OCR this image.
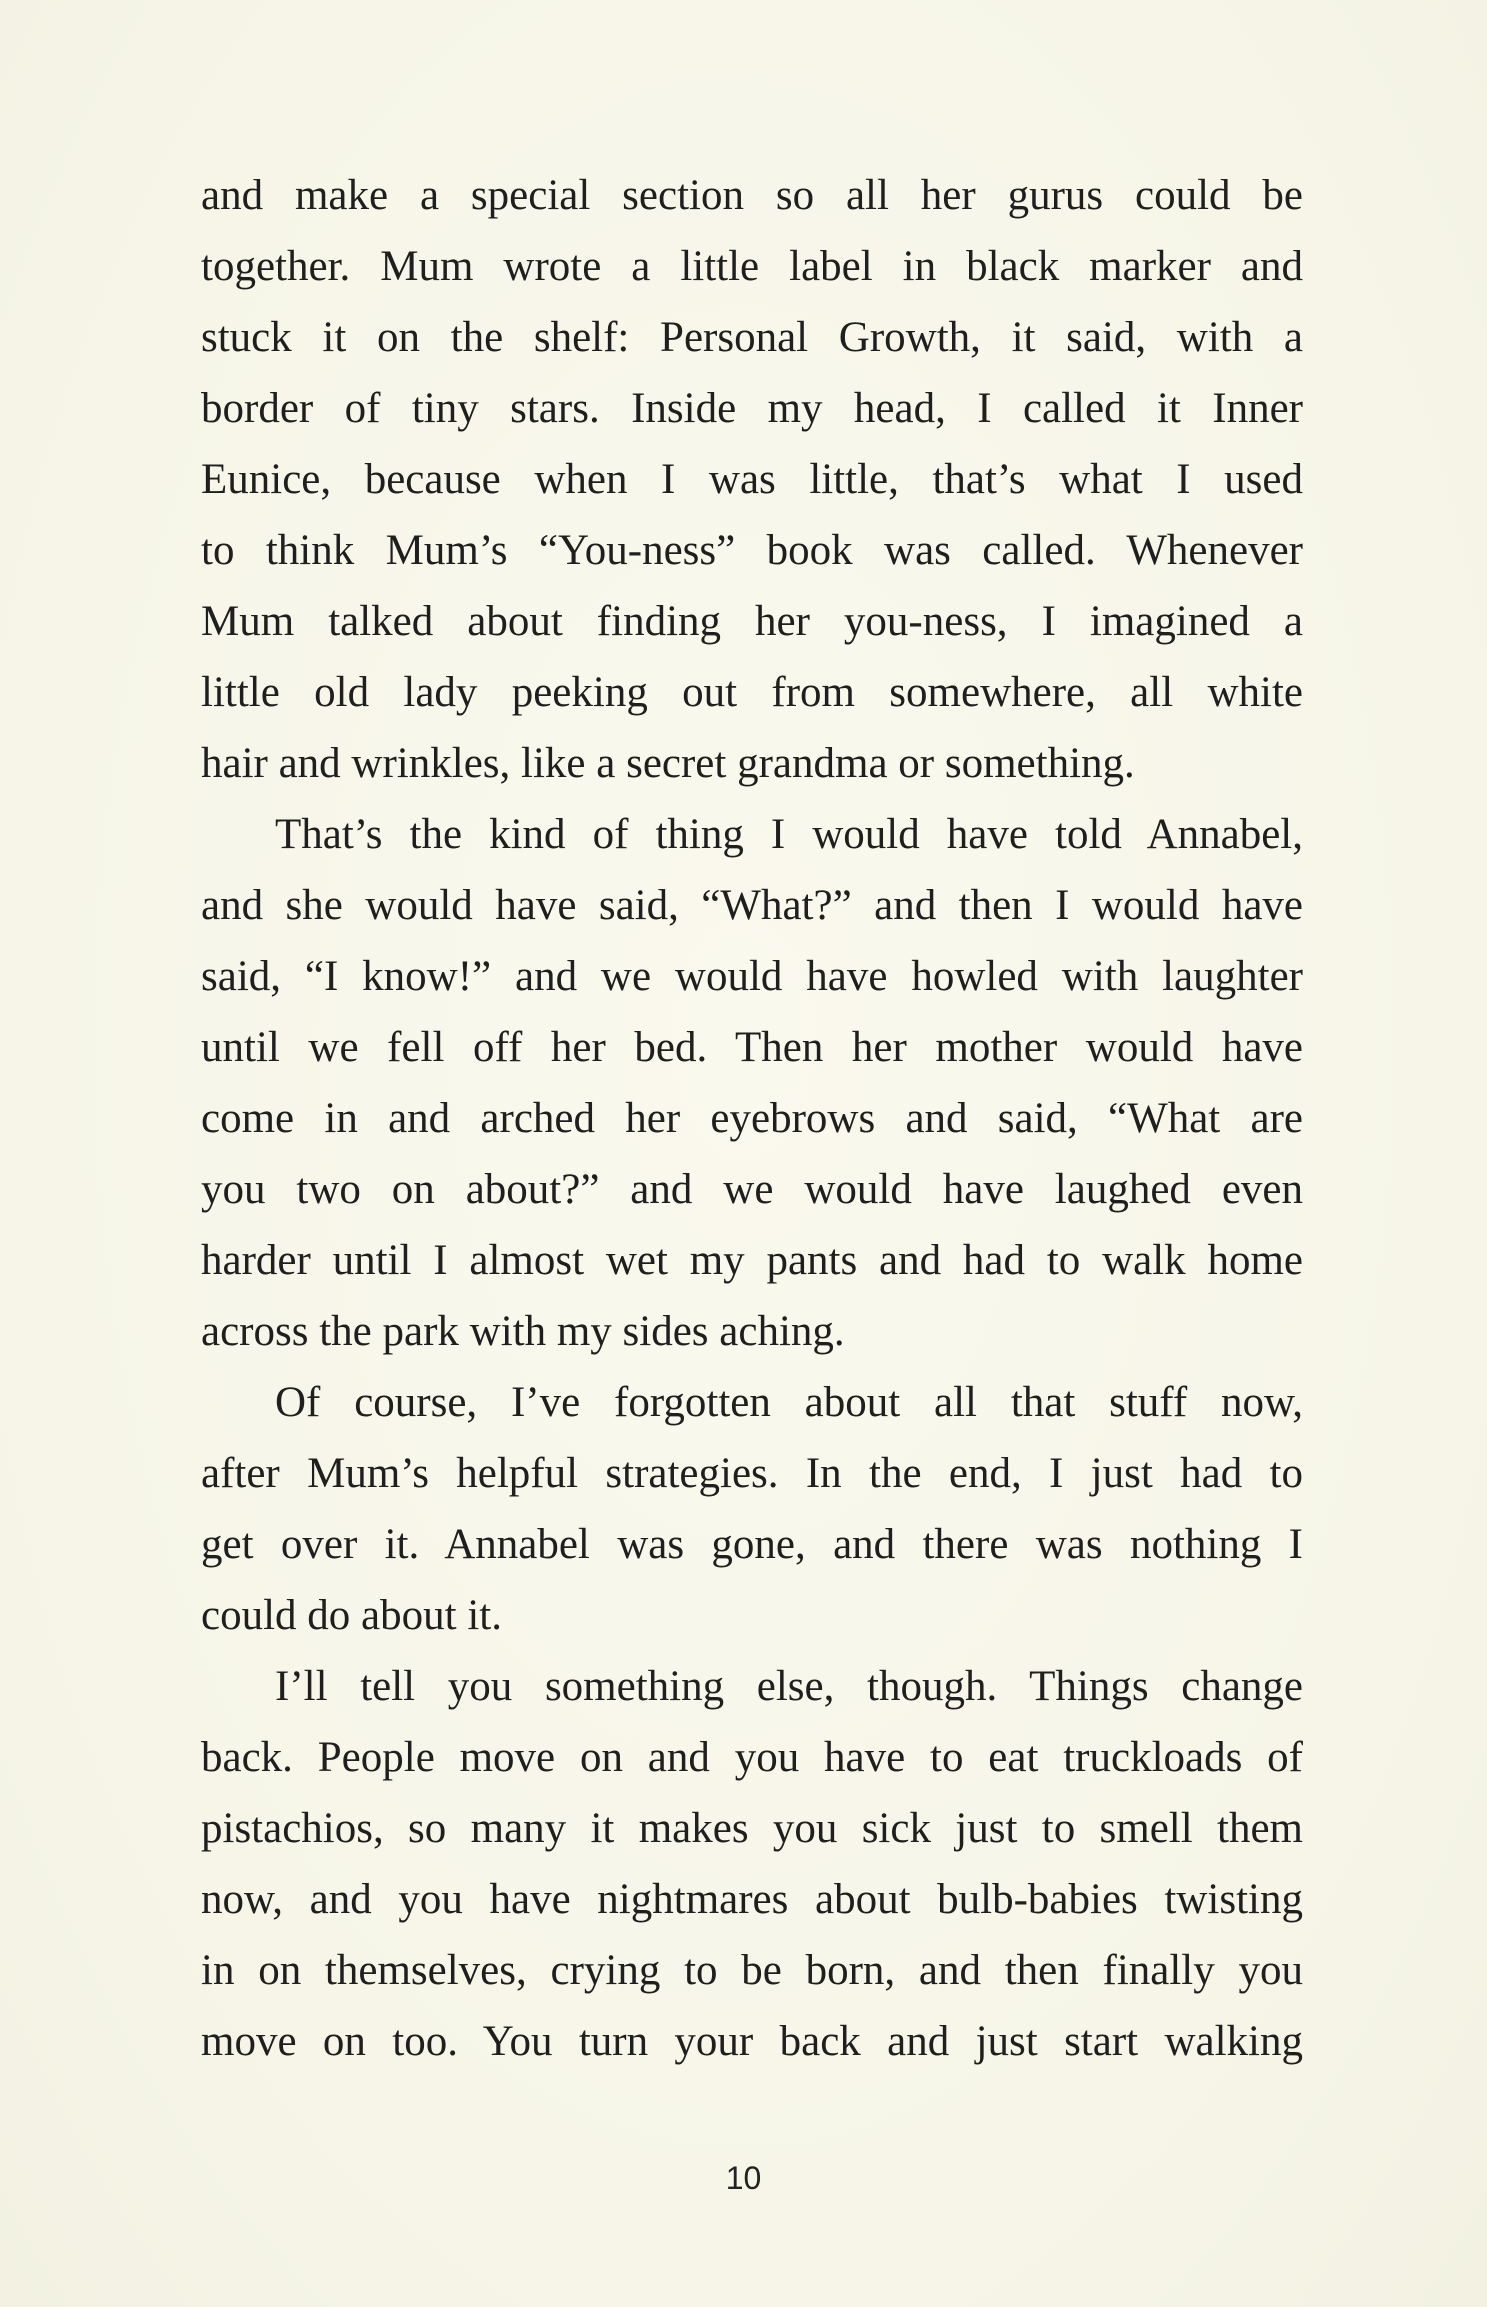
and make a special section so all her gurus could be
together. Mum wrote a little label in black marker and
stuck it on the shelf: Personal Growth, it said, with a
border of tiny stars. Inside my head, I called it Inner
Eunice, because when I was little, that’s what I used
to think Mum’s “You-ness” book was called. Whenever
Mum talked about finding her you-ness, I imagined a
little old lady peeking out from somewhere, all white
hair and wrinkles, like a secret grandma or something.
That’s the kind of thing I would have told Annabel,
and she would have said, “What?” and then I would have
said, “I know!” and we would have howled with laughter
until we fell off her bed. Then her mother would have
come in and arched her eyebrows and said, “What are
you two on about?” and we would have laughed even
harder until I almost wet my pants and had to walk home
across the park with my sides aching.
Of course, I’ve forgotten about all that stuff now,
after Mum’s helpful strategies. In the end, I just had to
get over it. Annabel was gone, and there was nothing I
could do about it.
I’ll tell you something else, though. Things change
back. People move on and you have to eat truckloads of
pistachios, so many it makes you sick just to smell them
now, and you have nightmares about bulb-babies twisting
in on themselves, crying to be born, and then finally you
move on too. You turn your back and just start walking
10
